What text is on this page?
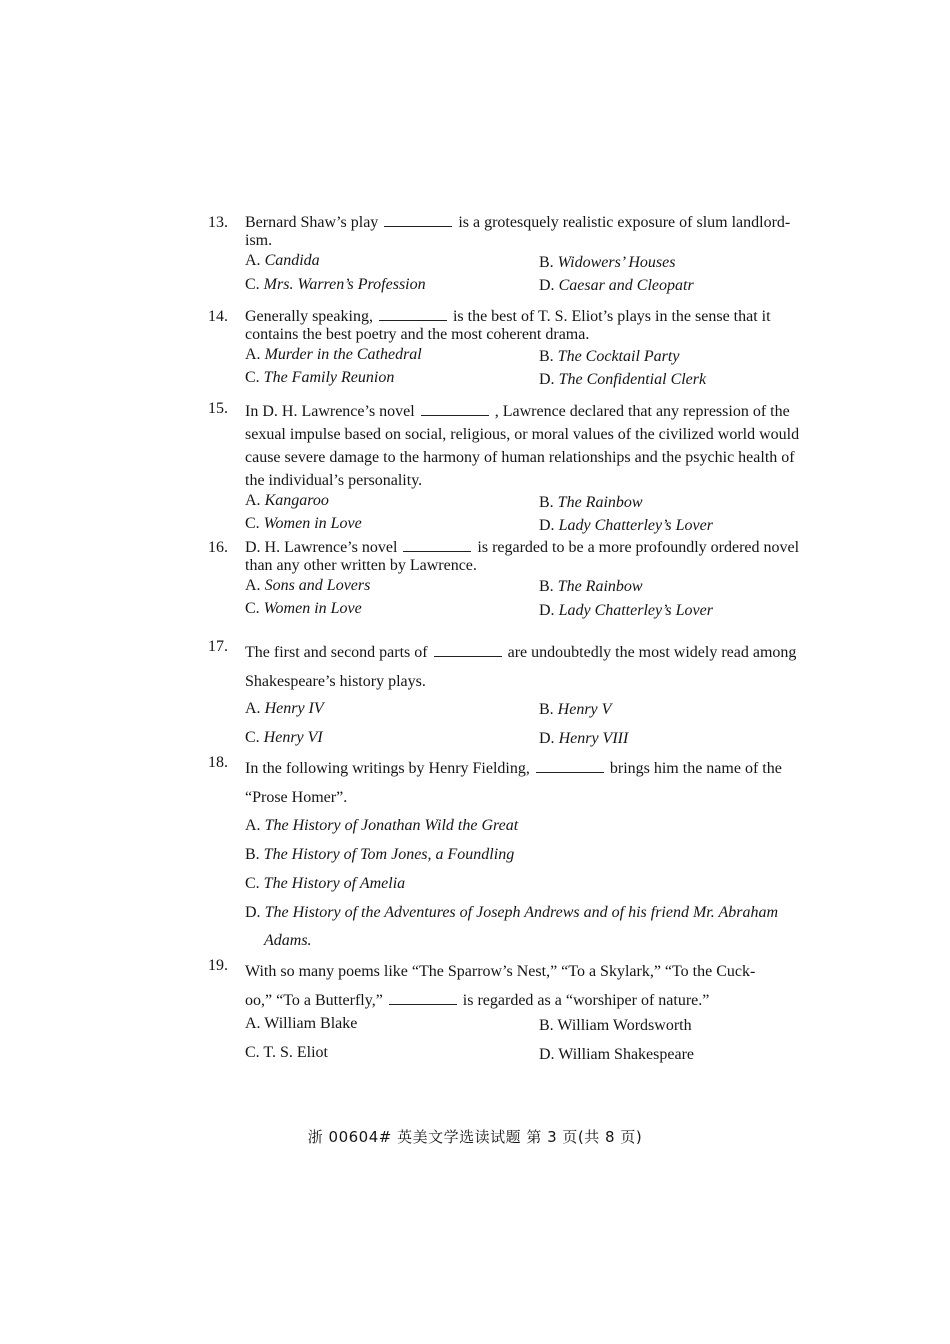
13. Bernard Shaw’s play	is a grotesquely realistic exposure of slum landlord-
ism.
A. Candida	B. Widowers’ Houses
C. Mrs. Warren’s Profession	D. Caesar and Cleopatr
14. Generally speaking,	is the best of T. S. Eliot’s plays in the sense that it
contains the best poetry and the most coherent drama.
A. Murder in the Cathedral	B. The Cocktail Party
C. The Family Reunion	D. The Confidential Clerk
15. In D. H. Lawrence’s novel	, Lawrence declared that any repression of the
sexual impulse based on social, religious, or moral values of the civilized world would
cause severe damage to the harmony of human relationships and the psychic health of
the individual’s personality.
A. Kangaroo	B. The Rainbow
C. Women in Love	D. Lady Chatterley’s Lover
16. D. H. Lawrence’s novel	is regarded to be a more profoundly ordered novel
than any other written by Lawrence.
A. Sons and Lovers	B. The Rainbow
C. Women in Love	D. Lady Chatterley’s Lover
17. The first and second parts of	are undoubtedly the most widely read among
Shakespeare’s history plays.
A. Henry IV	B. Henry V
C. Henry VI	D. Henry VIII
18. In the following writings by Henry Fielding,	brings him the name of the
“Prose Homer”.
A. The History of Jonathan Wild the Great
B. The History of Tom Jones, a Foundling
C. The History of Amelia
D. The History of the Adventures of Joseph Andrews and of his friend Mr. Abraham
Adams.
19. With so many poems like “The Sparrow’s Nest,” “To a Skylark,” “To the Cuck-
oo,” “To a Butterfly,”	is regarded as a “worshiper of nature.”
A. William Blake	B. William Wordsworth
C. T. S. Eliot	D. William Shakespeare
浙 00604# 英美文学选读试题 第 3 页(共 8 页)
